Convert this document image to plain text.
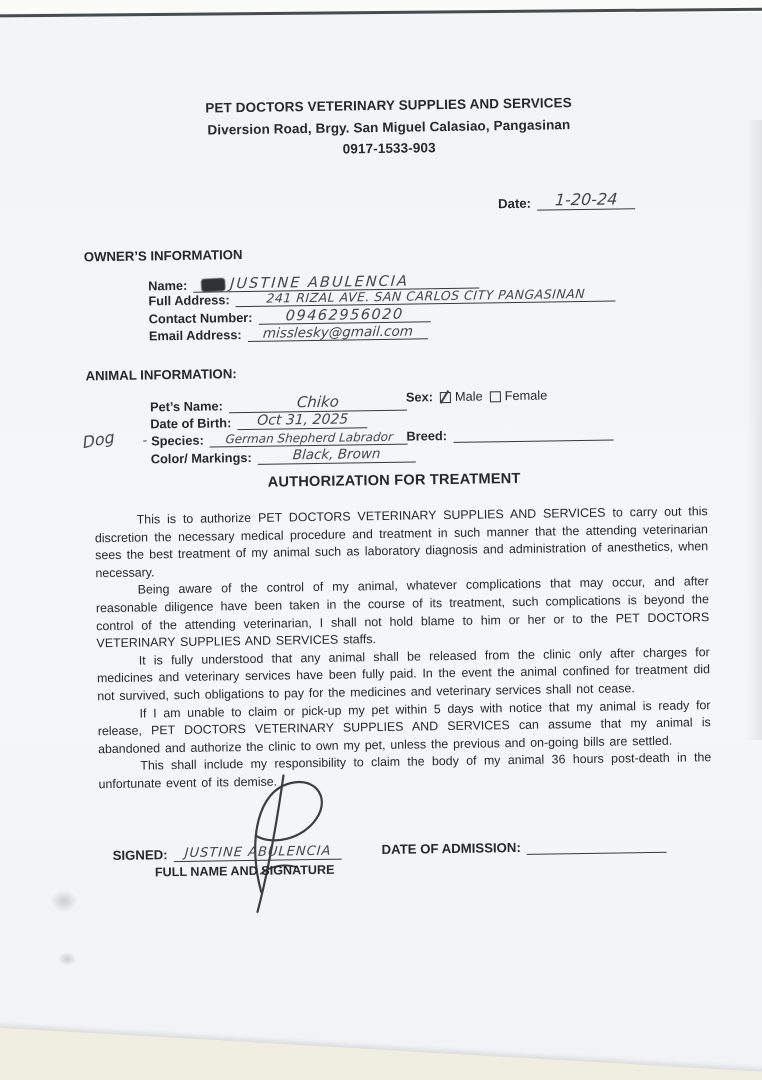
PET DOCTORS VETERINARY SUPPLIES AND SERVICES
Diversion Road, Brgy. San Miguel Calasiao, Pangasinan
0917-1533-903
Date: 1-20-24
OWNER’S INFORMATION
Name:	JUSTINE ABULENCIA
Full Address:	241 RIZAL AVE. SAN CARLOS CITY PANGASINAN
Contact Number: 09462956020
Email Address: misslesky@gmail.com
ANIMAL INFORMATION:
Pet’s Name:	Chiko	Sex: Male Female
Date of Birth: Oct 31, 2025
Dog - Species: German Shepherd Labrador Breed:
Color/ Markings:	Black, Brown
AUTHORIZATION FOR TREATMENT

This is to authorize PET DOCTORS VETERINARY SUPPLIES AND SERVICES to carry out this discretion the necessary medical procedure and treatment in such manner that the attending veterinarian sees the best treatment of my animal such as laboratory diagnosis and administration of anesthetics, when necessary.

Being aware of the control of my animal, whatever complications that may occur, and after reasonable diligence have been taken in the course of its treatment, such complications is beyond the control of the attending veterinarian, I shall not hold blame to him or her or to the PET DOCTORS VETERINARY SUPPLIES AND SERVICES staffs.

It is fully understood that any animal shall be released from the clinic only after charges for medicines and veterinary services have been fully paid. In the event the animal confined for treatment did not survived, such obligations to pay for the medicines and veterinary services shall not cease.

If I am unable to claim or pick-up my pet within 5 days with notice that my animal is ready for release, PET DOCTORS VETERINARY SUPPLIES AND SERVICES can assume that my animal is abandoned and authorize the clinic to own my pet, unless the previous and on-going bills are settled.

This shall include my responsibility to claim the body of my animal 36 hours post-death in the unfortunate event of its demise.

SIGNED: JUSTINE ABULENCIA
FULL NAME AND SIGNATURE
DATE OF ADMISSION:
